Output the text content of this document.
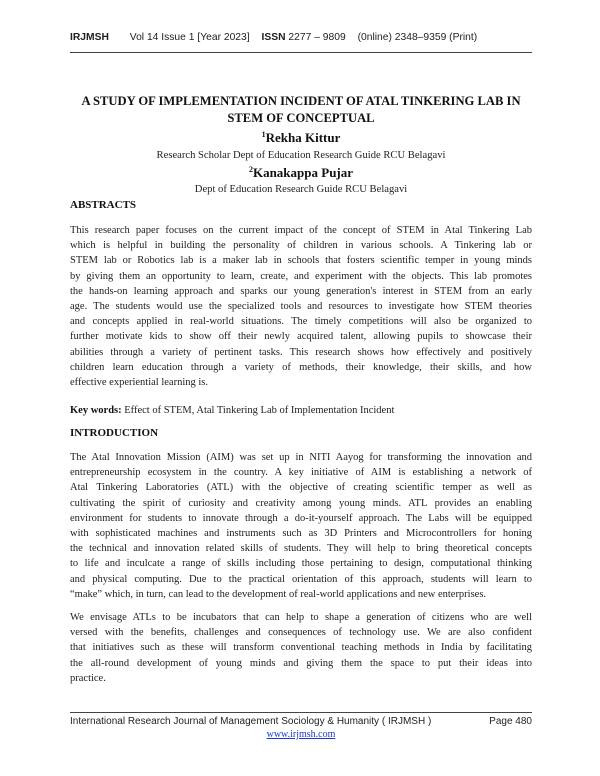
IRJMSH Vol 14 Issue 1 [Year 2023] ISSN 2277 – 9809 (0nline) 2348–9359 (Print)
A STUDY OF IMPLEMENTATION INCIDENT OF ATAL TINKERING LAB IN
STEM OF CONCEPTUAL
$^1$Rekha Kittur
Research Scholar Dept of Education Research Guide RCU Belagavi
$^2$Kanakappa Pujar
Dept of Education Research Guide RCU Belagavi
ABSTRACTS
This research paper focuses on the current impact of the concept of STEM in Atal Tinkering Lab
which is helpful in building the personality of children in various schools. A Tinkering lab or
STEM lab or Robotics lab is a maker lab in schools that fosters scientific temper in young minds
by giving them an opportunity to learn, create, and experiment with the objects. This lab promotes
the hands-on learning approach and sparks our young generation's interest in STEM from an early
age. The students would use the specialized tools and resources to investigate how STEM theories
and concepts applied in real-world situations. The timely competitions will also be organized to
further motivate kids to show off their newly acquired talent, allowing pupils to showcase their
abilities through a variety of pertinent tasks. This research shows how effectively and positively
children learn education through a variety of methods, their knowledge, their skills, and how
effective experiential learning is.
Key words: Effect of STEM, Atal Tinkering Lab of Implementation Incident
INTRODUCTION
The Atal Innovation Mission (AIM) was set up in NITI Aayog for transforming the innovation and
entrepreneurship ecosystem in the country. A key initiative of AIM is establishing a network of
Atal Tinkering Laboratories (ATL) with the objective of creating scientific temper as well as
cultivating the spirit of curiosity and creativity among young minds. ATL provides an enabling
environment for students to innovate through a do-it-yourself approach. The Labs will be equipped
with sophisticated machines and instruments such as 3D Printers and Microcontrollers for honing
the technical and innovation related skills of students. They will help to bring theoretical concepts
to life and inculcate a range of skills including those pertaining to design, computational thinking
and physical computing. Due to the practical orientation of this approach, students will learn to
“make” which, in turn, can lead to the development of real-world applications and new enterprises.
We envisage ATLs to be incubators that can help to shape a generation of citizens who are well
versed with the benefits, challenges and consequences of technology use. We are also confident
that initiatives such as these will transform conventional teaching methods in India by facilitating
the all-round development of young minds and giving them the space to put their ideas into
practice.
International Research Journal of Management Sociology & Humanity ( IRJMSH )	Page 480
www.irjmsh.com
